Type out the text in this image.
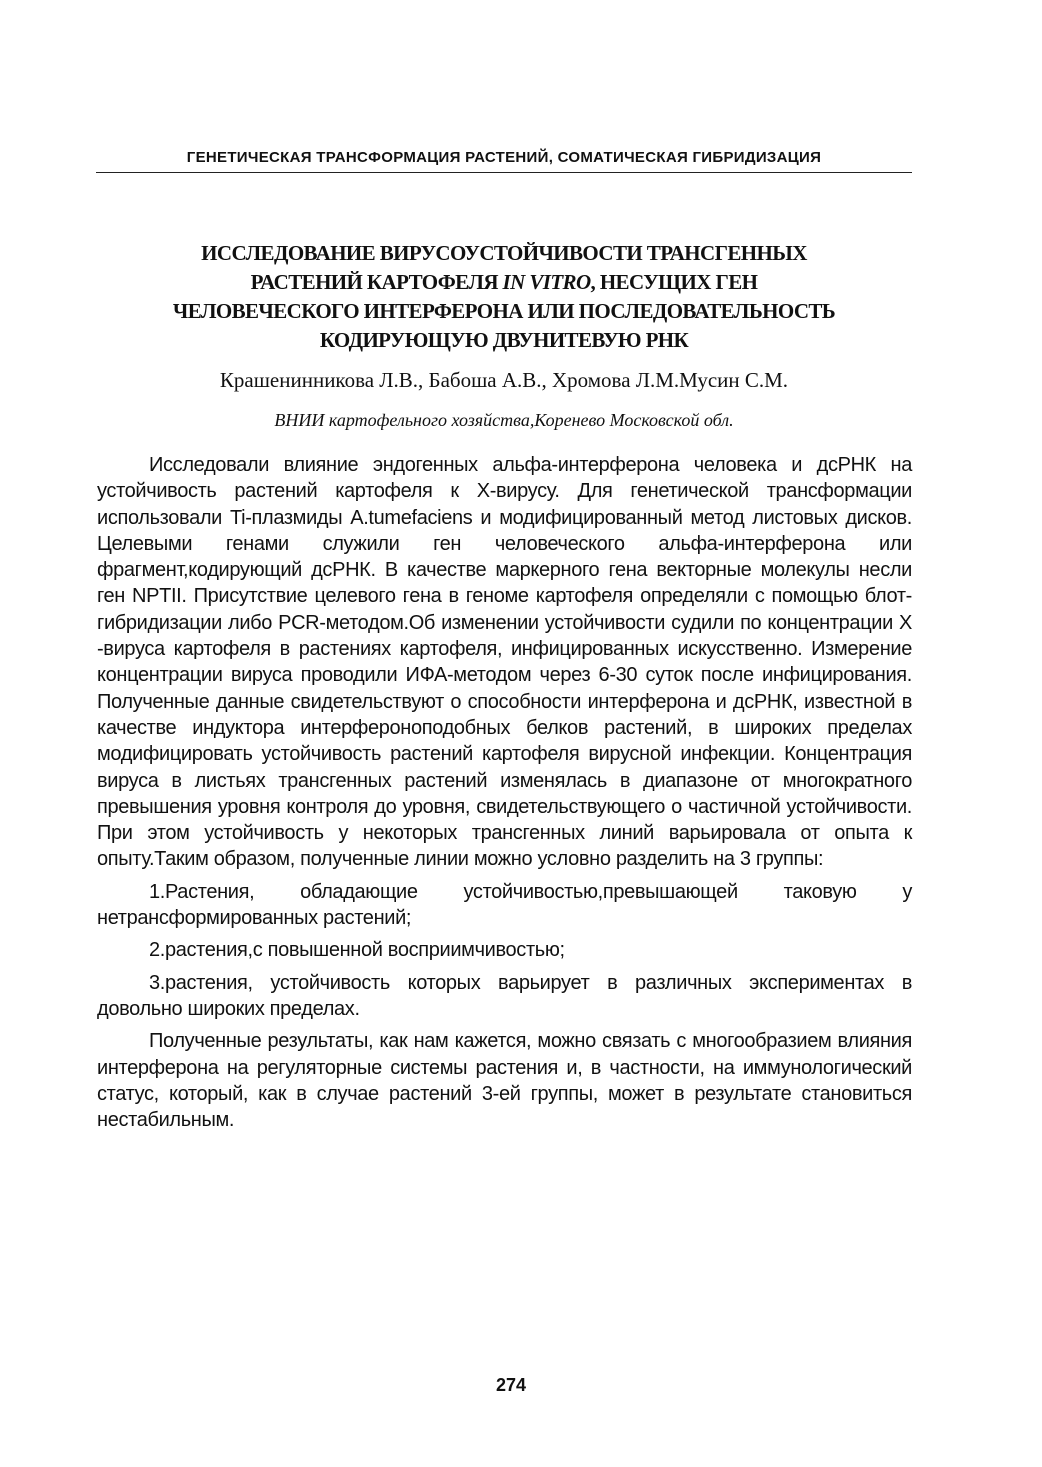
ГЕНЕТИЧЕСКАЯ ТРАНСФОРМАЦИЯ РАСТЕНИЙ, СОМАТИЧЕСКАЯ ГИБРИДИЗАЦИЯ
ИССЛЕДОВАНИЕ ВИРУСОУСТОЙЧИВОСТИ ТРАНСГЕННЫХ
РАСТЕНИЙ КАРТОФЕЛЯ IN VITRO, НЕСУЩИХ ГЕН
ЧЕЛОВЕЧЕСКОГО ИНТЕРФЕРОНА ИЛИ ПОСЛЕДОВАТЕЛЬНОСТЬ
КОДИРУЮЩУЮ ДВУНИТЕВУЮ РНК
Крашенинникова Л.В., Бабоша А.В., Хромова Л.М.Мусин С.М.
ВНИИ картофельного хозяйства,Коренево Московской обл.

Исследовали влияние эндогенных альфа-интерферона человека и дсРНК на устойчивость растений картофеля к Х-вирусу. Для генетической трансформации использовали Ti-плазмиды A.tumefaciens и модифицированный метод листовых дисков. Целевыми генами служили ген человеческого альфа-интерферона или фрагмент,кодирующий дсРНК. В качестве маркерного гена векторные молекулы несли ген NPTII. Присутствие целевого гена в геноме картофеля определяли с помощью блот-гибридизации либо PCR-методом.Об изменении устойчивости судили по концентрации Х -вируса картофеля в растениях картофеля, инфицированных искусственно. Измерение концентрации вируса проводили ИФА-методом через 6-30 суток после инфицирования. Полученные данные свидетельствуют о способности интерферона и дсРНК, известной в качестве индуктора интерфероноподобных белков растений, в широких пределах модифицировать устойчивость растений картофеля вирусной инфекции. Концентрация вируса в листьях трансгенных растений изменялась в диапазоне от многократного превышения уровня контроля до уровня, свидетельствующего о частичной устойчивости. При этом устойчивость у некоторых трансгенных линий варьировала от опыта к опыту.Таким образом, полученные линии можно условно разделить на 3 группы:

1.Растения, обладающие устойчивостью,превышающей таковую у нетрансформированных растений;

2.растения,с повышенной восприимчивостью;

3.растения, устойчивость которых варьирует в различных экспериментах в довольно широких пределах.

Полученные результаты, как нам кажется, можно связать с многообразием влияния интерферона на регуляторные системы растения и, в частности, на иммунологический статус, который, как в случае растений 3-ей группы, может в результате становиться нестабильным.

274
